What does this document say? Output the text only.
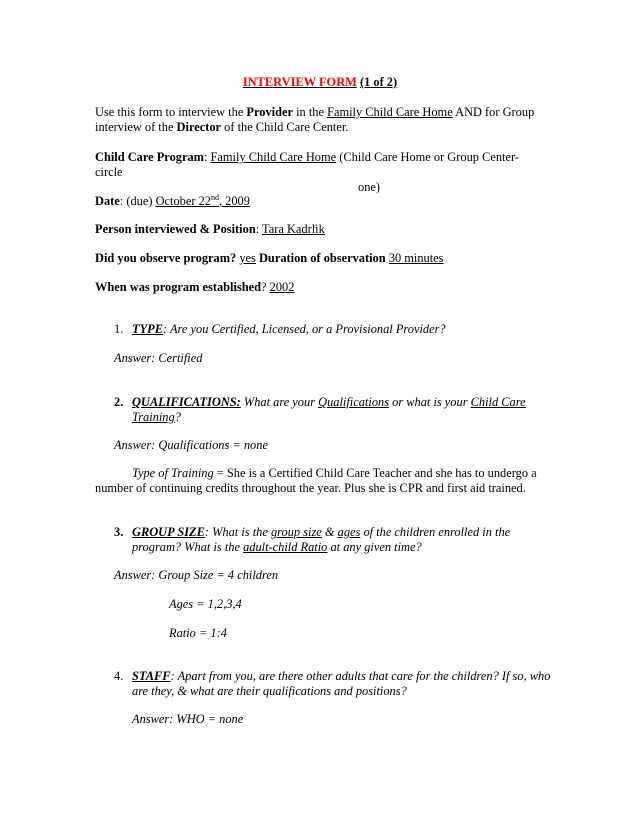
INTERVIEW FORM (1 of 2)
Use this form to interview the Provider in the Family Child Care Home AND for Group interview of the Director of the Child Care Center.
Child Care Program: Family Child Care Home (Child Care Home or Group Center-
circle
one)
Date: (due) October 22nd, 2009
Person interviewed & Position: Tara Kadrlik
Did you observe program? yes Duration of observation 30 minutes
When was program established? 2002
1. TYPE: Are you Certified, Licensed, or a Provisional Provider?
Answer: Certified
2. QUALIFICATIONS: What are your Qualifications or what is your Child Care Training?
Answer: Qualifications = none
Type of Training = She is a Certified Child Care Teacher and she has to undergo a number of continuing credits throughout the year. Plus she is CPR and first aid trained.
3. GROUP SIZE: What is the group size & ages of the children enrolled in the program? What is the adult-child Ratio at any given time?
Answer: Group Size = 4 children
Ages = 1,2,3,4
Ratio = 1:4
4. STAFF: Apart from you, are there other adults that care for the children? If so, who are they, & what are their qualifications and positions?
Answer: WHO = none
